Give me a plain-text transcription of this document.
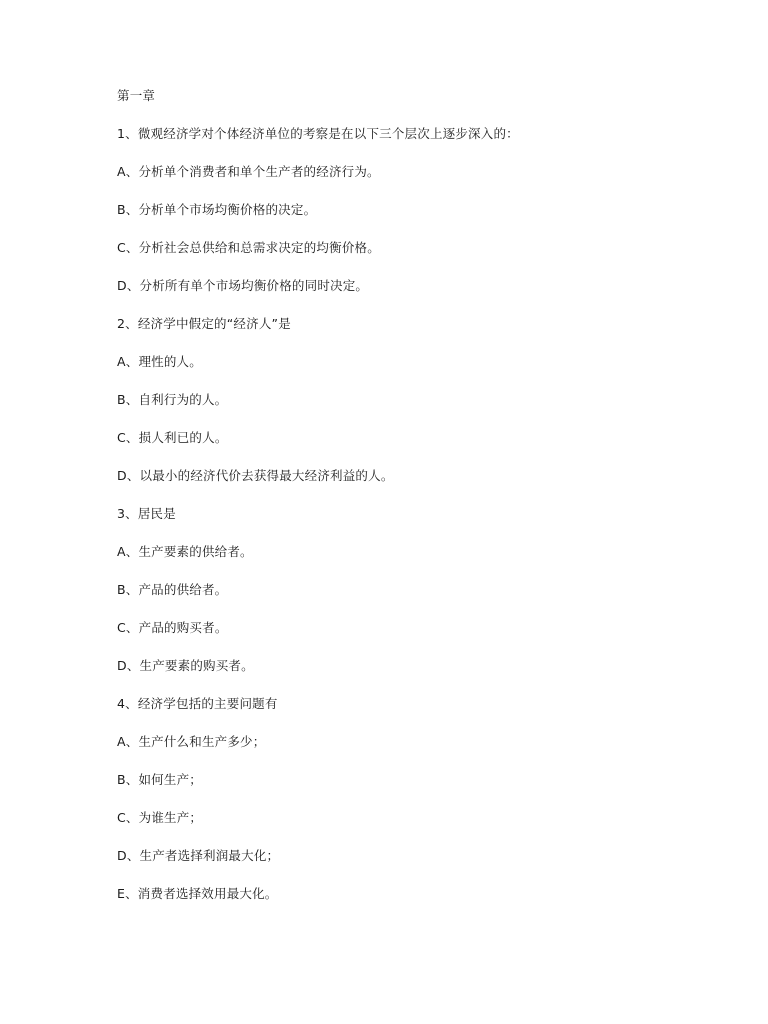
第一章
1、微观经济学对个体经济单位的考察是在以下三个层次上逐步深入的：
A、分析单个消费者和单个生产者的经济行为。
B、分析单个市场均衡价格的决定。
C、分析社会总供给和总需求决定的均衡价格。
D、分析所有单个市场均衡价格的同时决定。
2、经济学中假定的“经济人”是
A、理性的人。
B、自利行为的人。
C、损人利已的人。
D、以最小的经济代价去获得最大经济利益的人。
3、居民是
A、生产要素的供给者。
B、产品的供给者。
C、产品的购买者。
D、生产要素的购买者。
4、经济学包括的主要问题有
A、生产什么和生产多少；
B、如何生产；
C、为谁生产；
D、生产者选择利润最大化；
E、消费者选择效用最大化。
